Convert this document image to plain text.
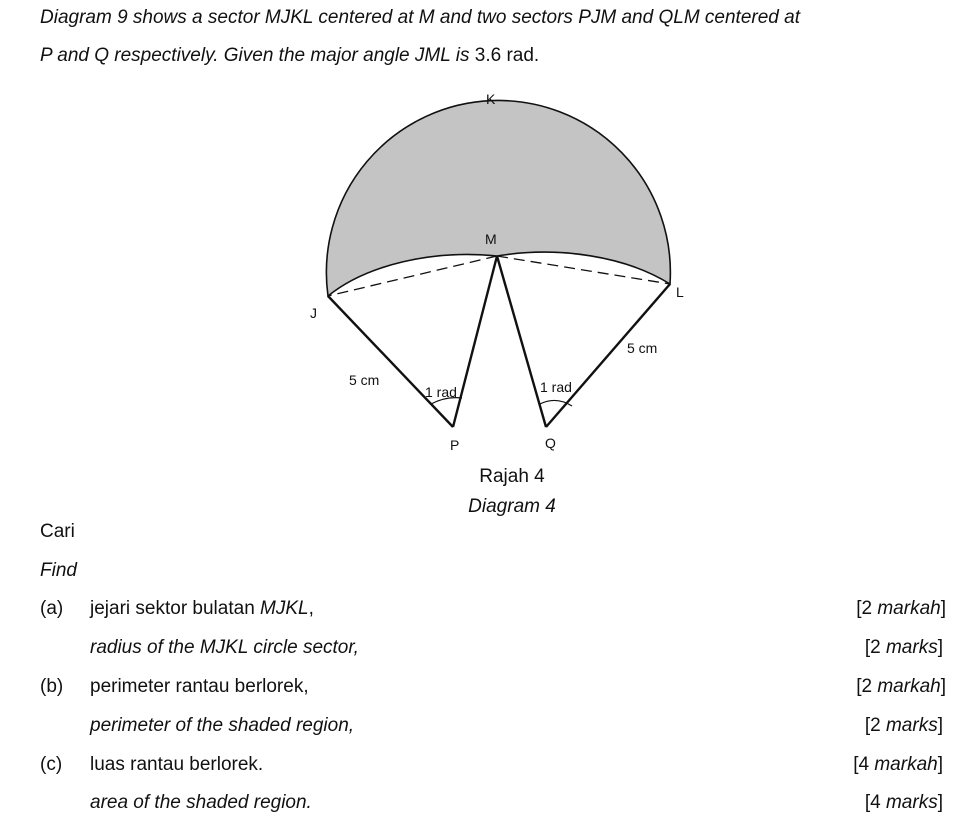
Diagram 9 shows a sector MJKL centered at M and two sectors PJM and QLM centered at
P and Q respectively. Given the major angle JML is 3.6 rad.
K
M
J
L
P	Q
5 cm
5 cm
1 rad	1 rad
Rajah 4
Diagram 4
Cari
Find
(a) jejari sektor bulatan MJKL,	[2 markah]
radius of the MJKL circle sector,	[2 marks]
(b) perimeter rantau berlorek,	[2 markah]
perimeter of the shaded region,	[2 marks]
(c) luas rantau berlorek.	[4 markah]
area of the shaded region.	[4 marks]
